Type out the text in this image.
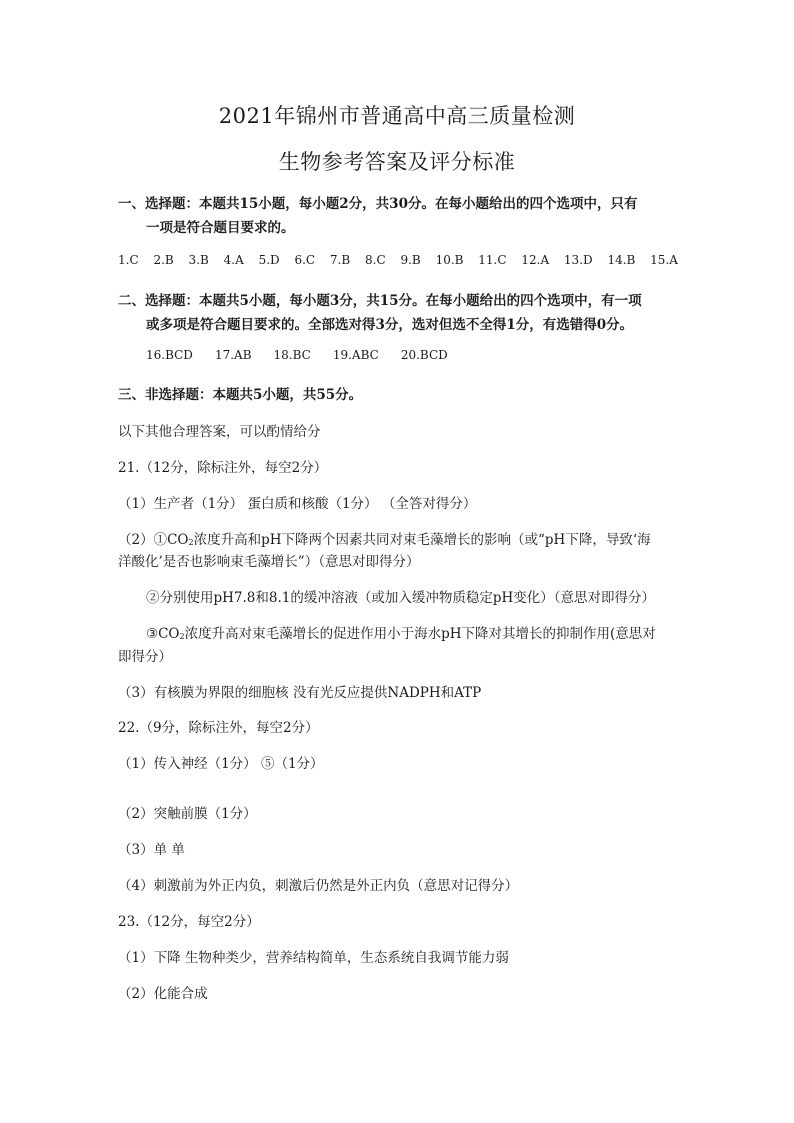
2021年锦州市普通高中高三质量检测
生物参考答案及评分标准
一、选择题：本题共15小题，每小题2分，共30分。在每小题给出的四个选项中，只有
一项是符合题目要求的。
1.C 2.B 3.B 4.A 5.D 6.C 7.B 8.C 9.B 10.B 11.C 12.A 13.D 14.B 15.A
二、选择题：本题共5小题，每小题3分，共15分。在每小题给出的四个选项中，有一项
或多项是符合题目要求的。全部选对得3分，选对但选不全得1分，有选错得0分。
16.BCD 17.AB 18.BC 19.ABC 20.BCD
三、非选择题：本题共5小题，共55分。
以下其他合理答案，可以酌情给分
21.（12分，除标注外，每空2分）
（1）生产者（1分） 蛋白质和核酸（1分） （全答对得分）
$(2)①CO_2$浓度升高和pH下降两个因素共同对束毛藻增长的影响（或“pH下降，导致‘海
洋酸化’是否也影响束毛藻增长”）（意思对即得分）
②分别使用pH7.8和8.1的缓冲溶液（或加入缓冲物质稳定pH变化）（意思对即得分）
$③CO_2$浓度升高对束毛藻增长的促进作用小于海水pH下降对其增长的抑制作用(意思对
即得分）
（3）有核膜为界限的细胞核 没有光反应提供NADPH和ATP
22.（9分，除标注外，每空2分）
（1）传入神经（1分） ⑤（1分）
（2）突触前膜（1分）
（3）单 单
（4）刺激前为外正内负，刺激后仍然是外正内负（意思对记得分）
23.（12分，每空2分）
（1）下降 生物种类少，营养结构简单，生态系统自我调节能力弱
（2）化能合成
